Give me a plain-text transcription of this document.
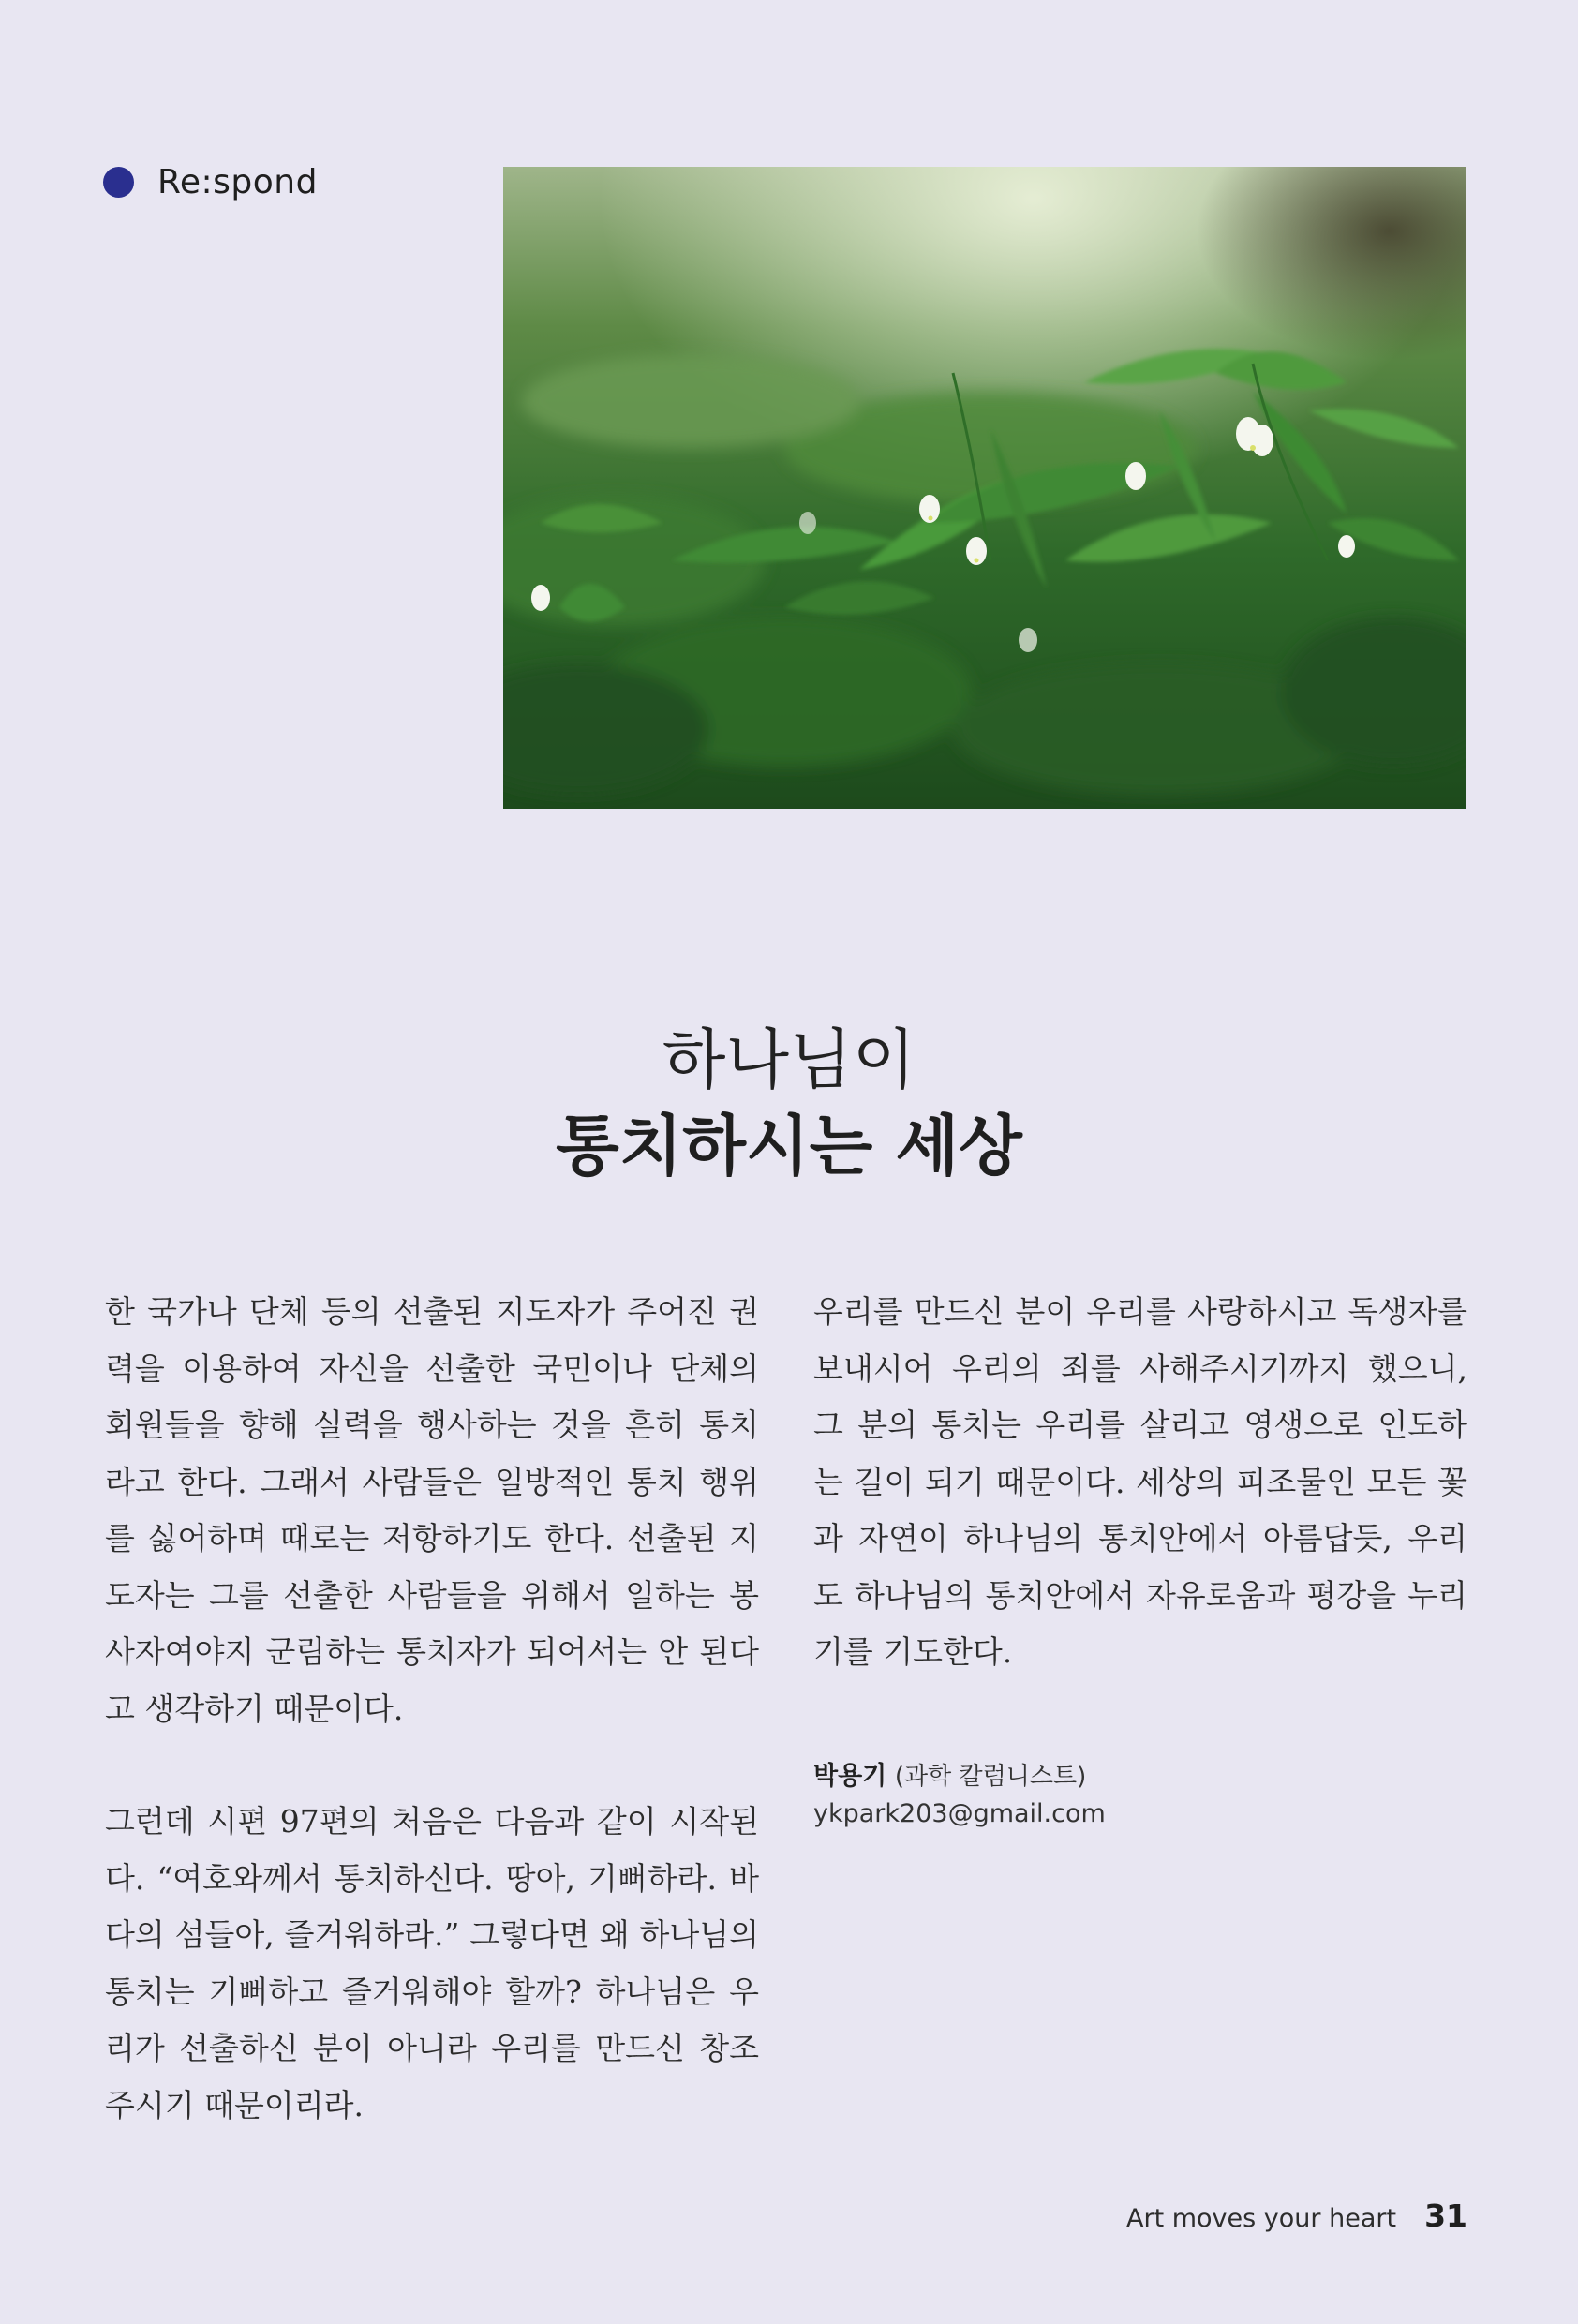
Re:spond
하나님이
통치하시는 세상

한 국가나 단체 등의 선출된 지도자가 주어진 권력을 이용하여 자신을 선출한 국민이나 단체의 회원들을 향해 실력을 행사하는 것을 흔히 통치라고 한다. 그래서 사람들은 일방적인 통치 행위를 싫어하며 때로는 저항하기도 한다. 선출된 지도자는 그를 선출한 사람들을 위해서 일하는 봉사자여야지 군림하는 통치자가 되어서는 안 된다고 생각하기 때문이다.

그런데 시편 97편의 처음은 다음과 같이 시작된다. “여호와께서 통치하신다. 땅아, 기뻐하라. 바다의 섬들아, 즐거워하라.” 그렇다면 왜 하나님의 통치는 기뻐하고 즐거워해야 할까? 하나님은 우리가 선출하신 분이 아니라 우리를 만드신 창조주시기 때문이리라.

우리를 만드신 분이 우리를 사랑하시고 독생자를 보내시어 우리의 죄를 사해주시기까지 했으니, 그 분의 통치는 우리를 살리고 영생으로 인도하는 길이 되기 때문이다. 세상의 피조물인 모든 꽃과 자연이 하나님의 통치안에서 아름답듯, 우리도 하나님의 통치안에서 자유로움과 평강을 누리기를 기도한다.

박용기 (과학 칼럼니스트)
ykpark203@gmail.com
Art moves your heart 31
